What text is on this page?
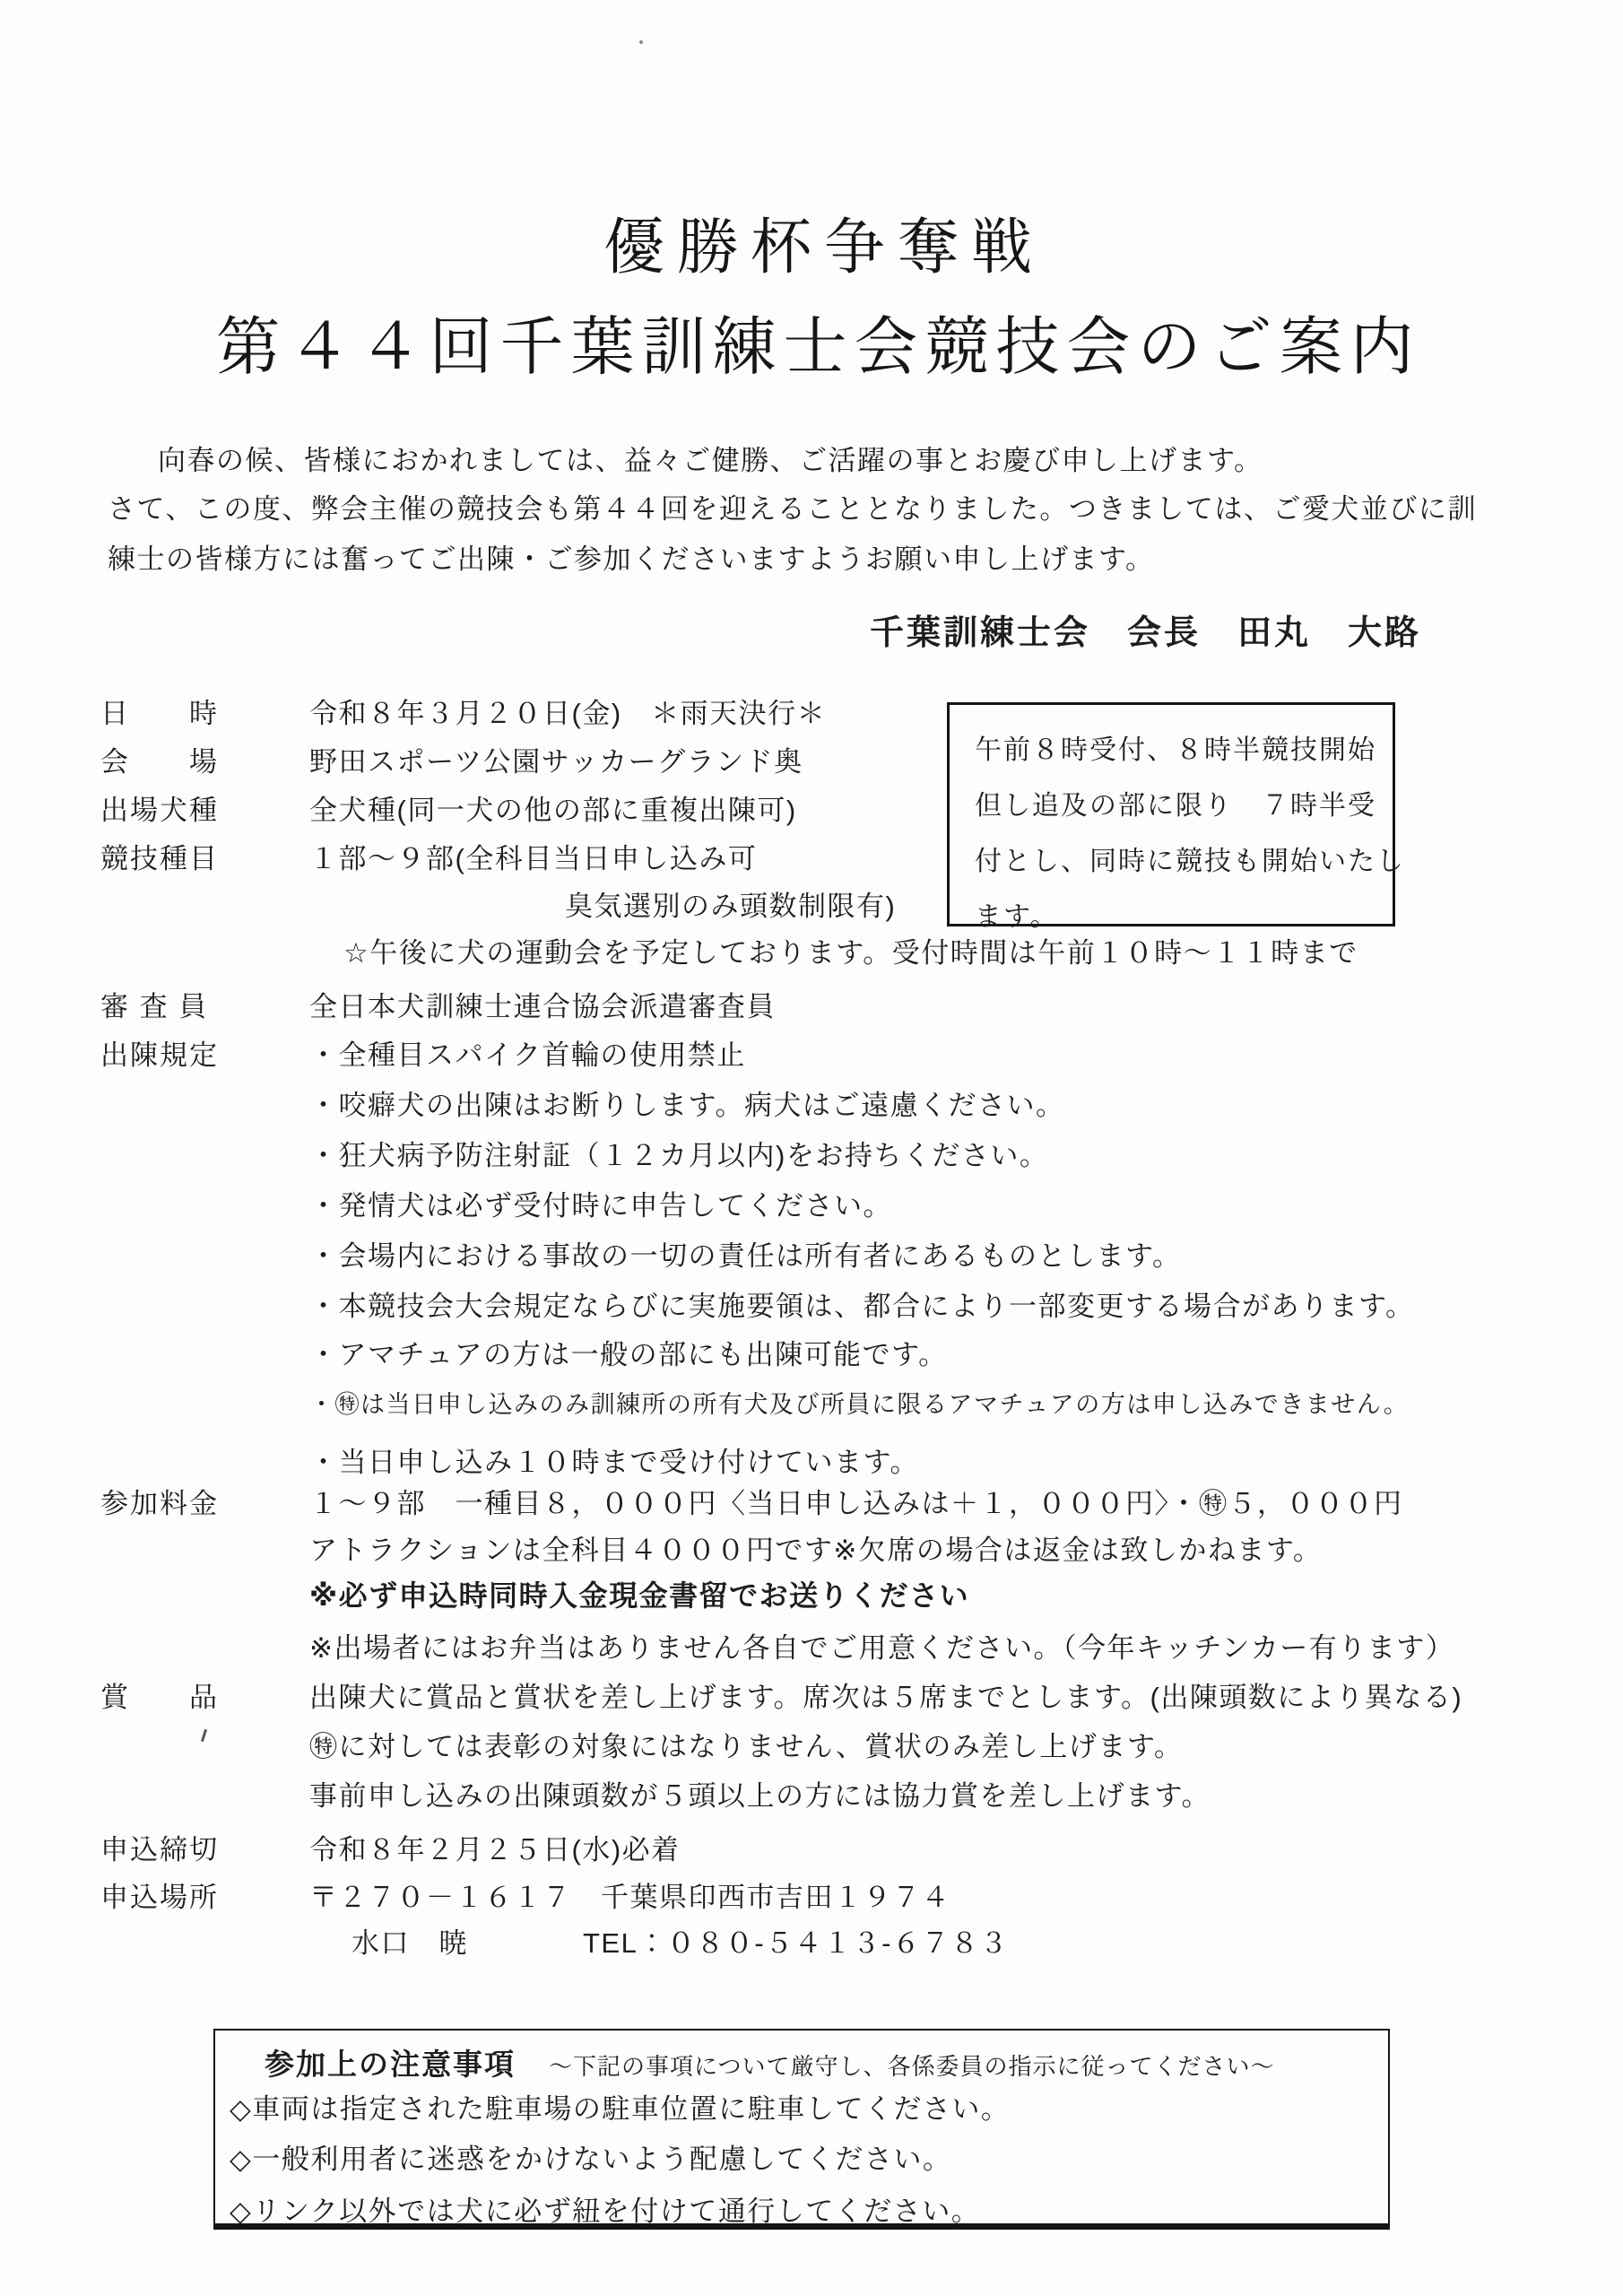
優勝杯争奪戦
第４４回千葉訓練士会競技会のご案内

向春の候、皆様におかれましては、益々ご健勝、ご活躍の事とお慶び申し上げます。

さて、この度、弊会主催の競技会も第４４回を迎えることとなりました。つきましては、ご愛犬並びに訓

練士の皆様方には奮ってご出陳・ご参加くださいますようお願い申し上げます。

千葉訓練士会　会長　田丸　大路

午前８時受付、８時半競技開始

但し追及の部に限り　７時半受

付とし、同時に競技も開始いたし

ます。

日　　時	令和８年３月２０日(金)　＊雨天決行＊

会　　場	野田スポーツ公園サッカーグランド奥

出場犬種	全犬種(同一犬の他の部に重複出陳可)

競技種目	１部～９部(全科目当日申し込み可

臭気選別のみ頭数制限有)

☆午後に犬の運動会を予定しております。受付時間は午前１０時～１１時まで

審 査 員	全日本犬訓練士連合協会派遣審査員

出陳規定	・全種目スパイク首輪の使用禁止

・咬癖犬の出陳はお断りします。病犬はご遠慮ください。

・狂犬病予防注射証（１２カ月以内)をお持ちください。

・発情犬は必ず受付時に申告してください。

・会場内における事故の一切の責任は所有者にあるものとします。

・本競技会大会規定ならびに実施要領は、都合により一部変更する場合があります。

・アマチュアの方は一般の部にも出陳可能です。

・㊕は当日申し込みのみ訓練所の所有犬及び所員に限るアマチュアの方は申し込みできません。

・当日申し込み１０時まで受け付けています。

参加料金	１～９部　一種目８，０００円〈当日申し込みは＋１，０００円〉・㊕５，０００円

アトラクションは全科目４０００円です※欠席の場合は返金は致しかねます。

※必ず申込時同時入金現金書留でお送りください

※出場者にはお弁当はありません各自でご用意ください。（今年キッチンカー有ります）

賞　　品	出陳犬に賞品と賞状を差し上げます。席次は５席までとします。(出陳頭数により異なる)

㊕に対しては表彰の対象にはなりません、賞状のみ差し上げます。

事前申し込みの出陳頭数が５頭以上の方には協力賞を差し上げます。

申込締切	令和８年２月２５日(水)必着

申込場所	〒２７０－１６１７　千葉県印西市吉田１９７４

水口　暁	TEL：０８０-５４１３-６７８３

参加上の注意事項 ～下記の事項について厳守し、各係委員の指示に従ってください～

◇車両は指定された駐車場の駐車位置に駐車してください。

◇一般利用者に迷惑をかけないよう配慮してください。

◇リンク以外では犬に必ず紐を付けて通行してください。
